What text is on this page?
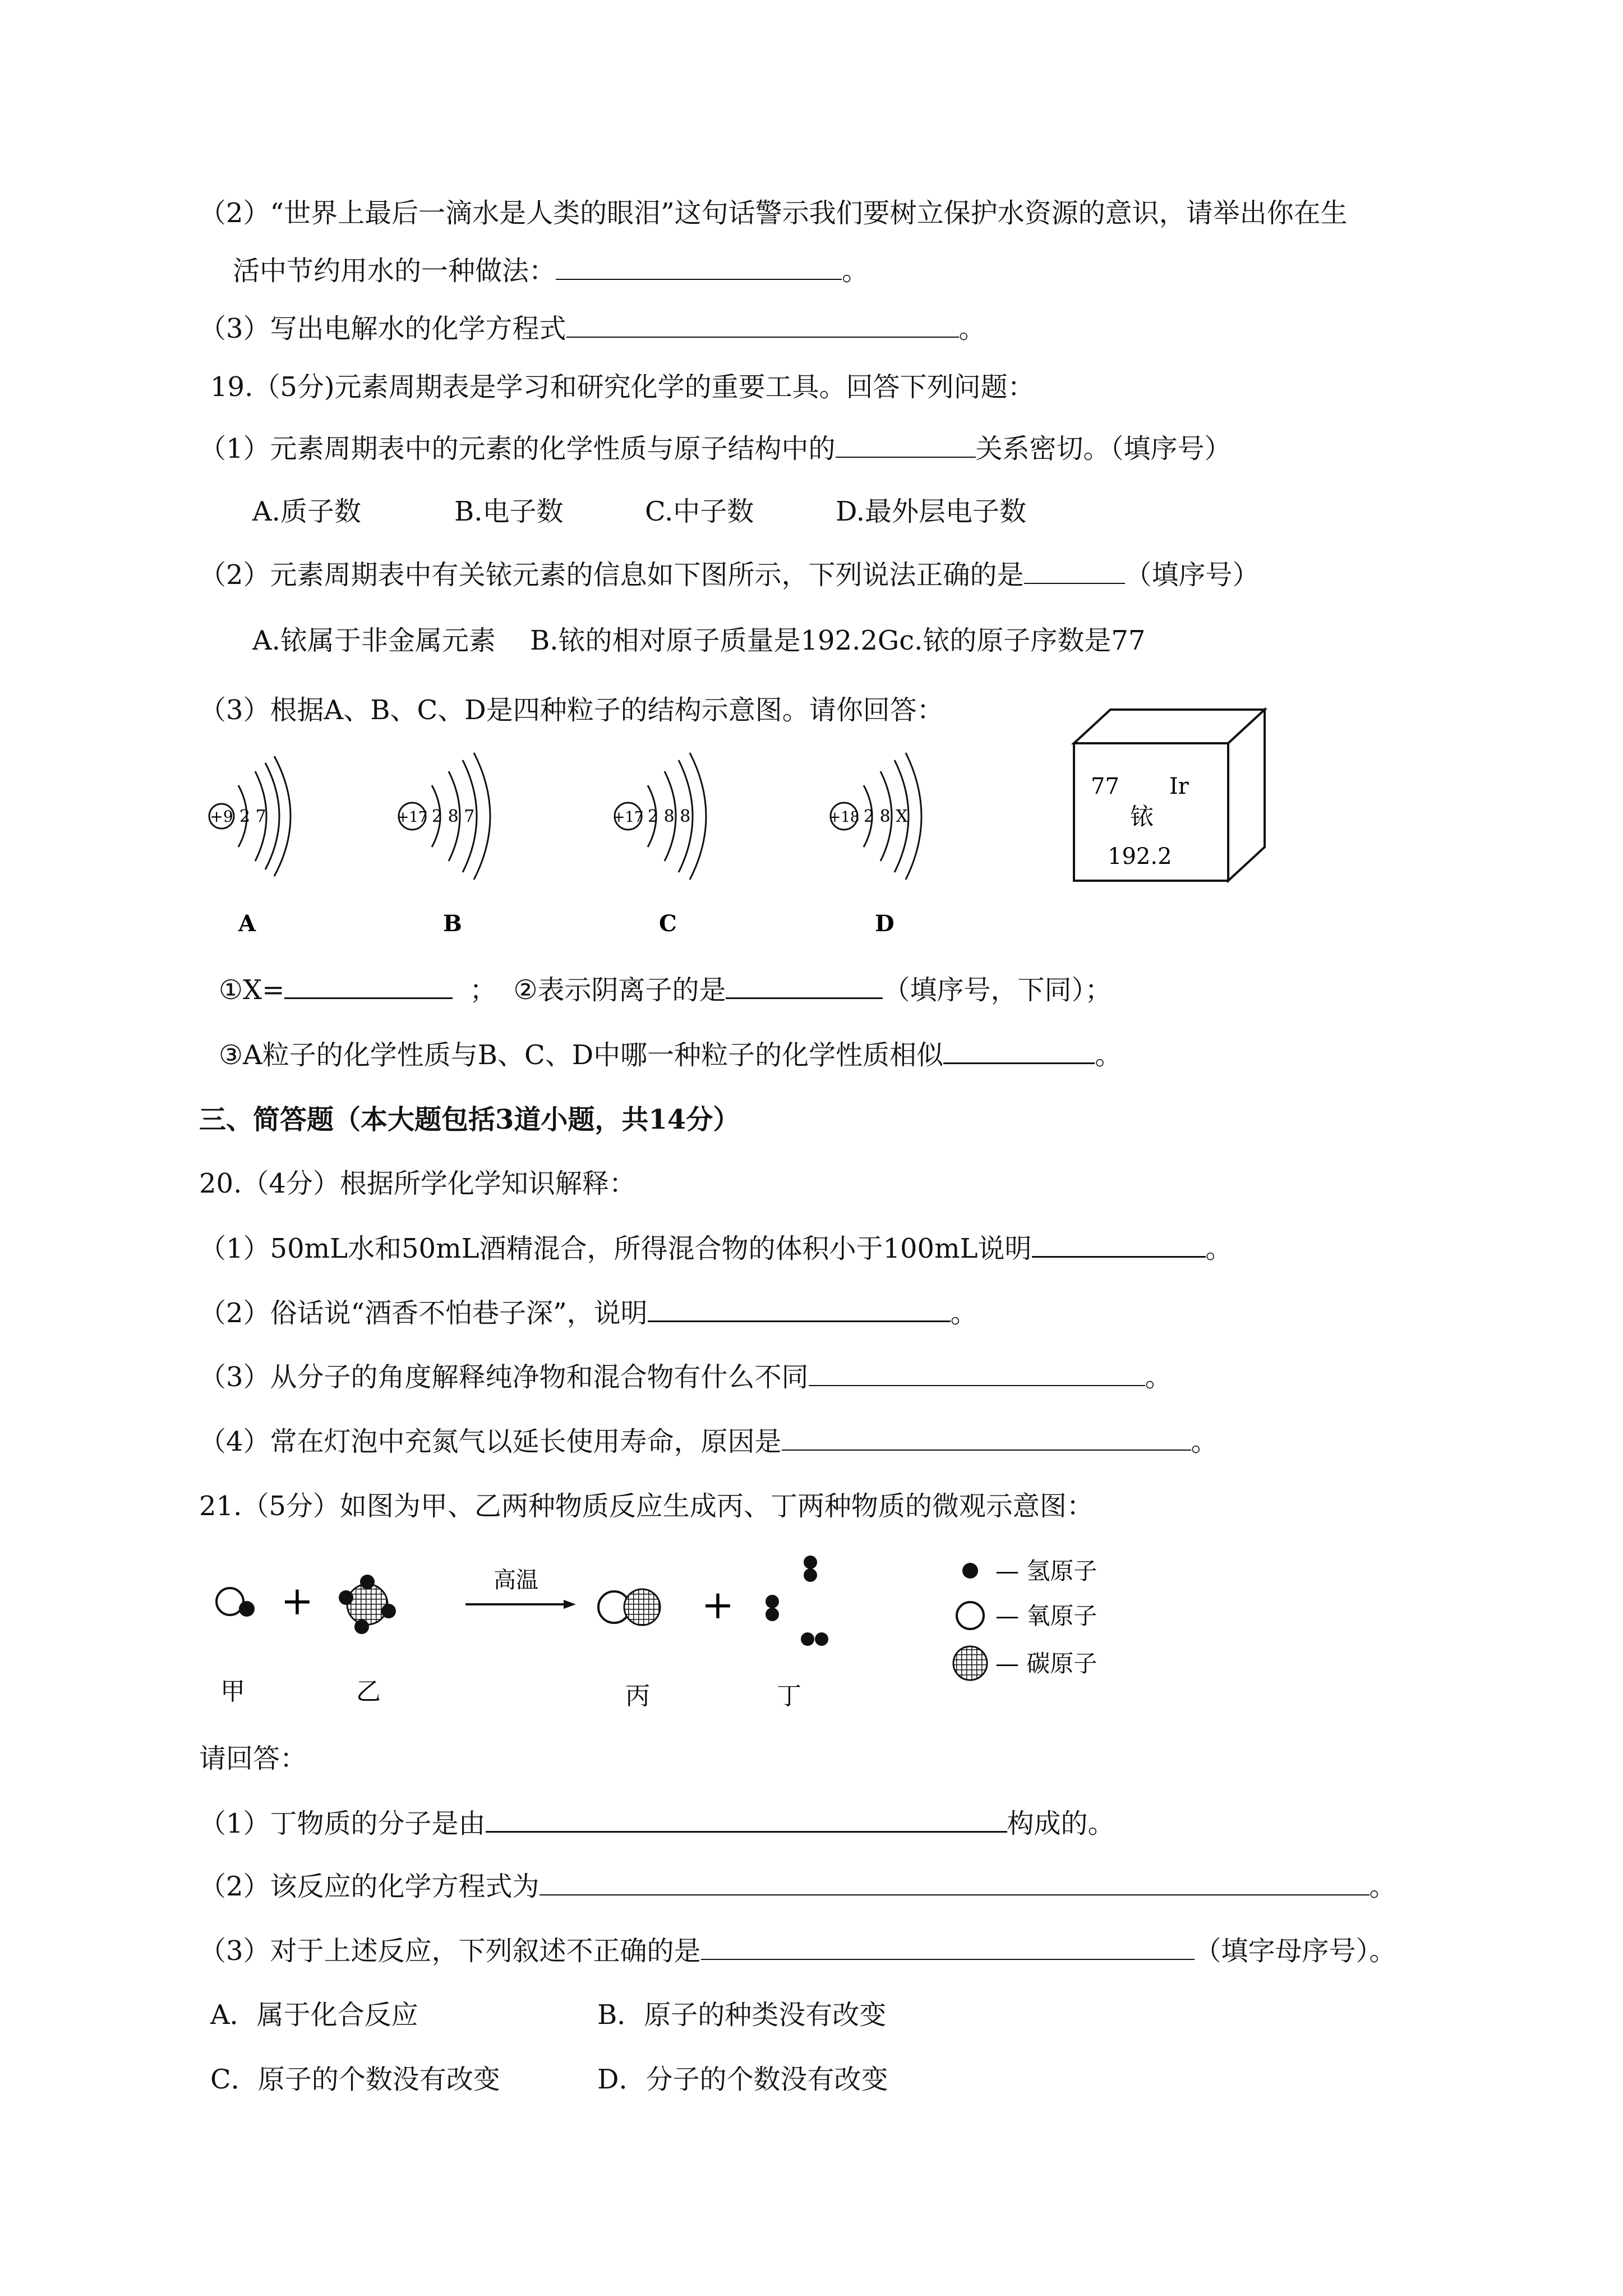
（2）“世界上最后一滴水是人类的眼泪”这句话警示我们要树立保护水资源的意识，请举出你在生
活中节约用水的一种做法：	。
（3）写出电解水的化学方程式	。
19.（5分)元素周期表是学习和研究化学的重要工具。回答下列问题：
（1）元素周期表中的元素的化学性质与原子结构中的	关系密切。（填序号）
A.质子数	B.电子数	C.中子数	D.最外层电子数
（2）元素周期表中有关铱元素的信息如下图所示，下列说法正确的是	（填序号）
A.铱属于非金属元素    B.铱的相对原子质量是192.2Gc.铱的原子序数是77
（3）根据A、B、C、D是四种粒子的结构示意图。请你回答：
+9 2 7
A
+17 2 8 7
B
+17 2 8 8
C
+18 2 8 X
D
77 Ir
铱
192.2
①X=	； ②表示阴离子的是	（填序号，下同）；
③A粒子的化学性质与B、C、D中哪一种粒子的化学性质相似	。
三、简答题（本大题包括3道小题，共14分）
20.（4分）根据所学化学知识解释：
（1）50mL水和50mL酒精混合，所得混合物的体积小于100mL说明	。
（2）俗话说“酒香不怕巷子深”，说明	。
（3）从分子的角度解释纯净物和混合物有什么不同	。
（4）常在灯泡中充氮气以延长使用寿命，原因是	。
21.（5分）如图为甲、乙两种物质反应生成丙、丁两种物质的微观示意图：
+	高温
+
甲	乙	丙	丁
— 氢原子
— 氧原子
— 碳原子
请回答：
（1）丁物质的分子是由	构成的。
（2）该反应的化学方程式为	。
（3）对于上述反应，下列叙述不正确的是	（填字母序号）。
A．属于化合反应	B．原子的种类没有改变
C．原子的个数没有改变	D．分子的个数没有改变
